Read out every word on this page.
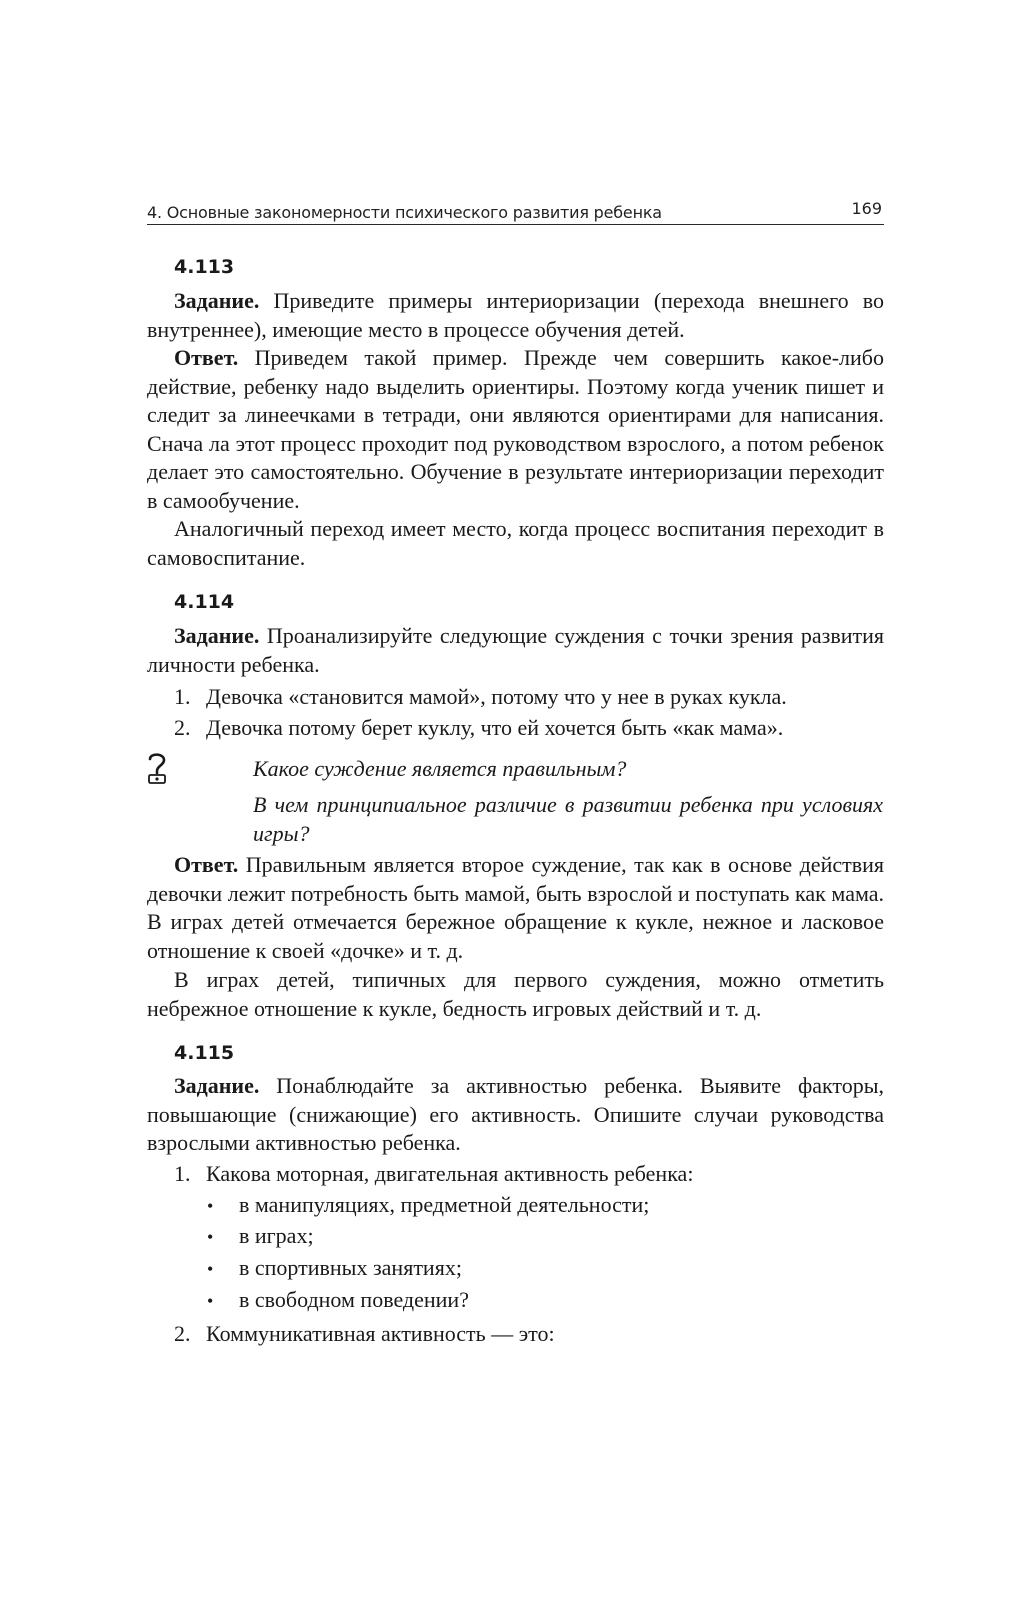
4. Основные закономерности психического развития ребенка	169
4.113

Задание. Приведите примеры интериоризации (перехода внешнего во внутреннее), имеющие место в процессе обучения детей.

Ответ. Приведем такой пример. Прежде чем совершить какое-либо действие, ребенку надо выделить ориентиры. Поэтому когда ученик пишет и следит за линеечками в тетради, они являются ориентирами для написания. Снача ла этот процесс проходит под руководством взрослого, а потом ребенок делает это самостоятельно. Обучение в результате интериоризации переходит в самообучение.

Аналогичный переход имеет место, когда процесс воспитания переходит в самовоспитание.

4.114

Задание. Проанализируйте следующие суждения с точки зрения развития личности ребенка.

1. Девочка «становится мамой», потому что у нее в руках кукла.
2. Девочка потому берет куклу, что ей хочется быть «как мама».

Какое суждение является правильным?

В чем принципиальное различие в развитии ребенка при условиях игры?

Ответ. Правильным является второе суждение, так как в основе действия девочки лежит потребность быть мамой, быть взрослой и поступать как мама. В играх детей отмечается бережное обращение к кукле, нежное и ласковое отношение к своей «дочке» и т. д.

В играх детей, типичных для первого суждения, можно отметить небрежное отношение к кукле, бедность игровых действий и т. д.

4.115

Задание. Понаблюдайте за активностью ребенка. Выявите факторы, повышающие (снижающие) его активность. Опишите случаи руководства взрослыми активностью ребенка.

1. Какова моторная, двигательная активность ребенка:
• в манипуляциях, предметной деятельности;
• в играх;
• в спортивных занятиях;
• в свободном поведении?
2. Коммуникативная активность — это:
